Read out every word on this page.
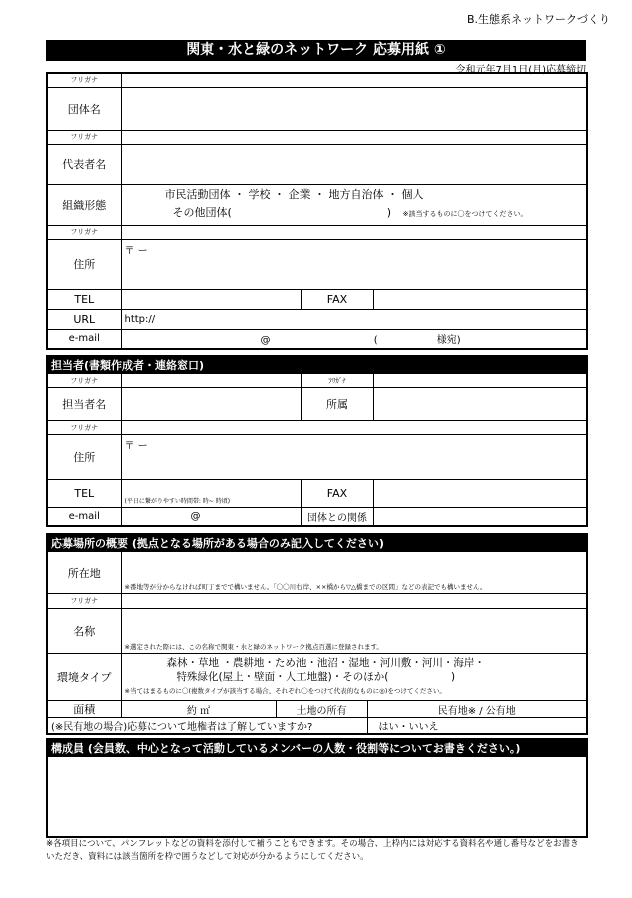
B.生態系ネットワークづくり
関東・水と緑のネットワーク 応募用紙 ①
令和元年7月1日(月)応募締切
フリガナ			
団体名			
フリガナ			
代表者名			
組織形態	市民活動団体 ・ 学校 ・ 企業 ・ 地方自治体 ・ 個人
その他団体( ) ※該当するものに〇をつけてください。		

フリガナ			
住所	〒 ー		
TEL		FAX	
URL	http://		
e-mail	@ ( 様宛)		
担当者(書類作成者・連絡窓口)			
フリガナ		ﾌﾘｶﾞﾅ	
担当者名		所属	
フリガナ			
住所	〒 ー		
TEL	(平日に繋がりやすい時間帯: 時~ 時頃)	FAX	
e-mail	@	団体との関係	
応募場所の概要 (拠点となる場所がある場合のみ記入してください)			
所在地	※番地等が分からなければ町丁までで構いません。「〇〇川右岸、××橋から▽△橋までの区間」などの表記でも構いません。		
フリガナ			
名称	※選定された際には、この名称で関東・水と緑のネットワーク拠点百選に登録されます。		
環境タイプ	森林・草地 ・農耕地・ため池・池沼・湿地・河川敷・河川・海岸・
特殊緑化(屋上・壁面・人工地盤)・そのほか( )
※当てはまるものに〇(複数タイプが該当する場合、それぞれ〇をつけて代表的なものに◎)をつけてください。		

面積	約 ㎡	土地の所有	民有地※ / 公有地
(※民有地の場合)応募について地権者は了解していますか?			はい・いいえ
構成員 (会員数、中心となって活動しているメンバーの人数・役割等についてお書きください。)

※各項目について、パンフレットなどの資料を添付して補うこともできます。その場合、上枠内には対応する資料名や通し番号などをお書きいただき、資料には該当箇所を枠で囲うなどして対応が分かるようにしてください。
